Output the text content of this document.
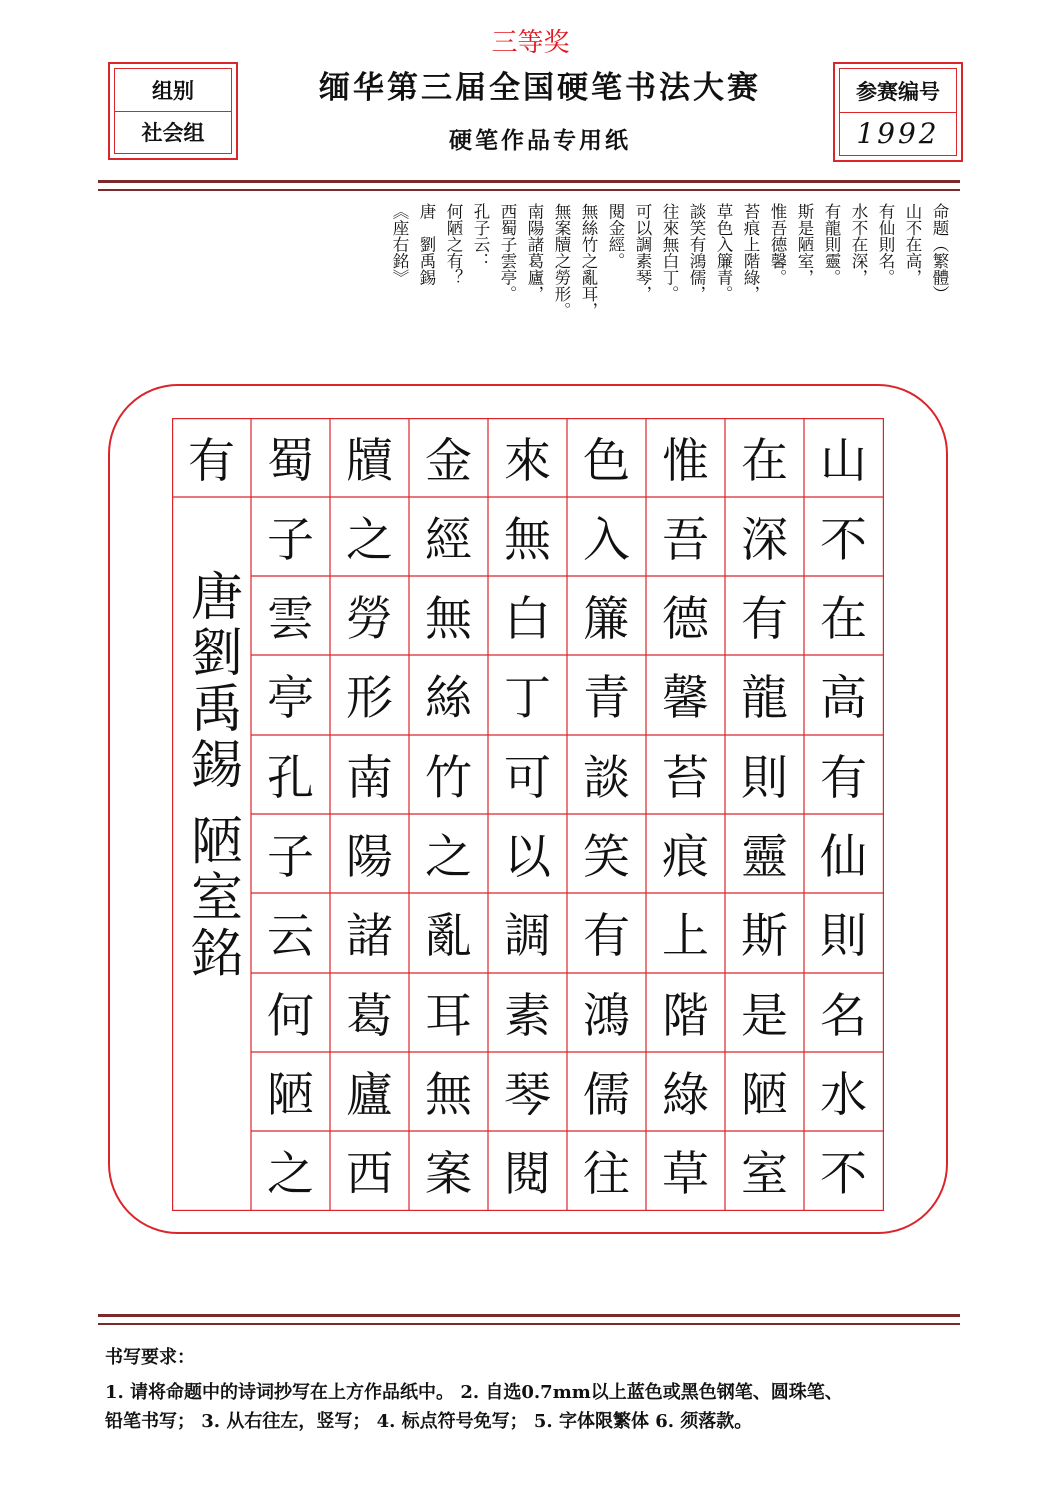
三等奖
组别
社会组
参赛编号
1992
缅华第三届全国硬笔书法大赛
硬笔作品专用纸
命题（繁體）
山不在高，
有仙則名。
水不在深，
有龍則靈。
斯是陋室，
惟吾德馨。
苔痕上階綠，
草色入簾青。
談笑有鴻儒，
往來無白丁。
可以調素琴，
閱金經。
無絲竹之亂耳，
無案牘之勞形。
南陽諸葛廬，
西蜀子雲亭。
孔子云：
何陋之有？
唐　劉禹錫
《座右銘》
山
不
在
高
有
仙
則
名
水
不
在
深
有
龍
則
靈
斯
是
陋
室
惟
吾
德
馨
苔
痕
上
階
綠
草
色
入
簾
青
談
笑
有
鴻
儒
往
來
無
白
丁
可
以
調
素
琴
閱
金
經
無
絲
竹
之
亂
耳
無
案
牘
之
勞
形
南
陽
諸
葛
廬
西
蜀
子
雲
亭
孔
子
云
何
陋
之
有
唐劉禹錫 陋室銘
书写要求：
1. 请将命题中的诗词抄写在上方作品纸中。 2. 自选0.7mm以上蓝色或黑色钢笔、圆珠笔、
铅笔书写； 3. 从右往左，竖写； 4. 标点符号免写； 5. 字体限繁体 6. 须落款。
